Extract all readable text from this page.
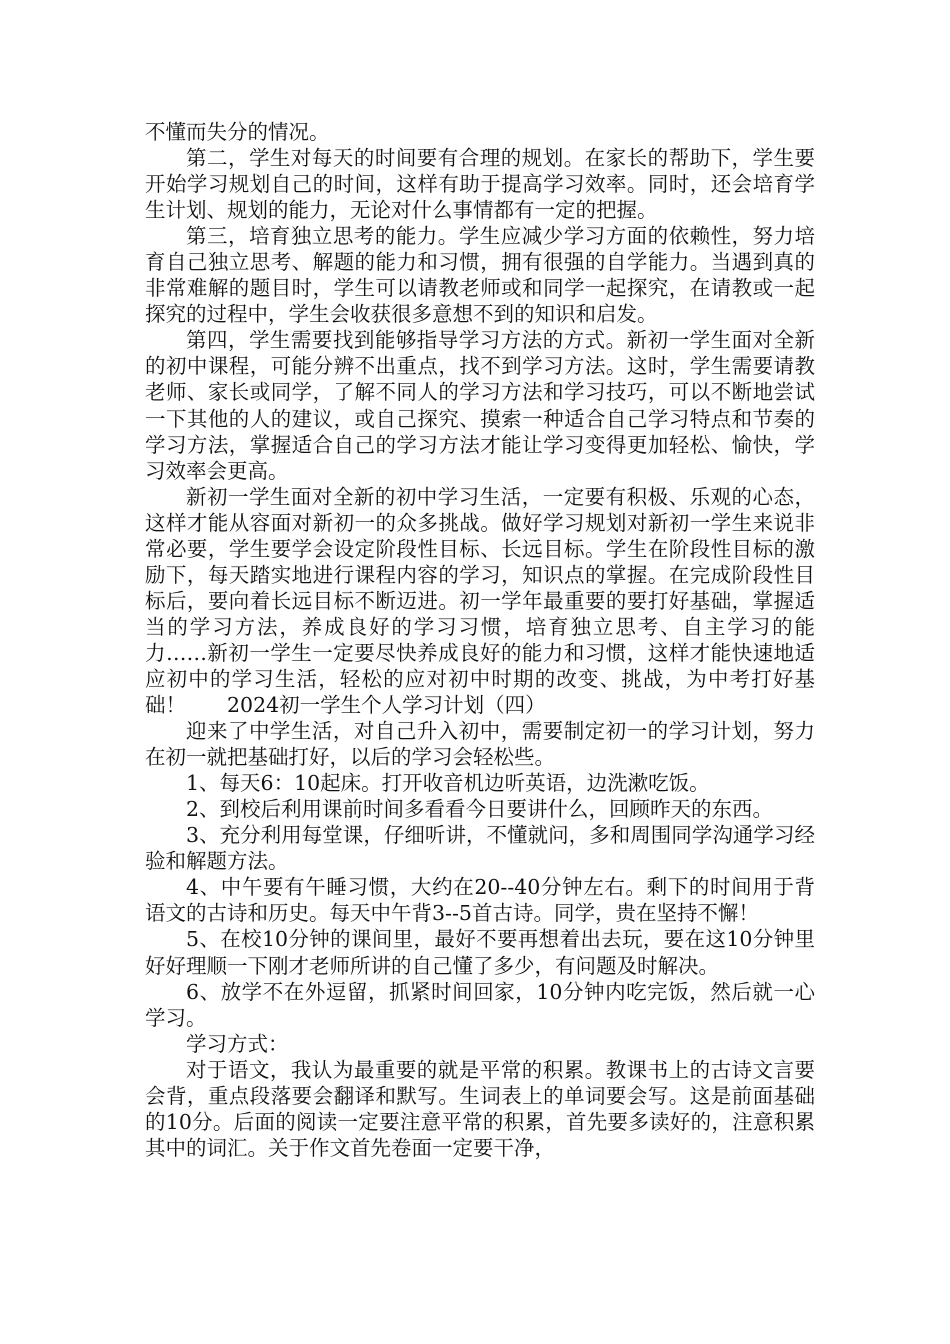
不懂而失分的情况。

第二，学生对每天的时间要有合理的规划。在家长的帮助下，学生要开始学习规划自己的时间，这样有助于提高学习效率。同时，还会培育学生计划、规划的能力，无论对什么事情都有一定的把握。

第三，培育独立思考的能力。学生应减少学习方面的依赖性，努力培育自己独立思考、解题的能力和习惯，拥有很强的自学能力。当遇到真的非常难解的题目时，学生可以请教老师或和同学一起探究，在请教或一起探究的过程中，学生会收获很多意想不到的知识和启发。

第四，学生需要找到能够指导学习方法的方式。新初一学生面对全新的初中课程，可能分辨不出重点，找不到学习方法。这时，学生需要请教老师、家长或同学，了解不同人的学习方法和学习技巧，可以不断地尝试一下其他的人的建议，或自己探究、摸索一种适合自己学习特点和节奏的学习方法，掌握适合自己的学习方法才能让学习变得更加轻松、愉快，学习效率会更高。

新初一学生面对全新的初中学习生活，一定要有积极、乐观的心态，这样才能从容面对新初一的众多挑战。做好学习规划对新初一学生来说非常必要，学生要学会设定阶段性目标、长远目标。学生在阶段性目标的激励下，每天踏实地进行课程内容的学习，知识点的掌握。在完成阶段性目标后，要向着长远目标不断迈进。初一学年最重要的要打好基础，掌握适当的学习方法，养成良好的学习习惯，培育独立思考、自主学习的能力……新初一学生一定要尽快养成良好的能力和习惯，这样才能快速地适应初中的学习生活，轻松的应对初中时期的改变、挑战，为中考打好基础！　　2024初一学生个人学习计划（四）

迎来了中学生活，对自己升入初中，需要制定初一的学习计划，努力在初一就把基础打好，以后的学习会轻松些。

1、每天6：10起床。打开收音机边听英语，边洗漱吃饭。

2、到校后利用课前时间多看看今日要讲什么，回顾昨天的东西。

3、充分利用每堂课，仔细听讲，不懂就问，多和周围同学沟通学习经验和解题方法。

4、中午要有午睡习惯，大约在20--40分钟左右。剩下的时间用于背语文的古诗和历史。每天中午背3--5首古诗。同学，贵在坚持不懈！

5、在校10分钟的课间里，最好不要再想着出去玩，要在这10分钟里好好理顺一下刚才老师所讲的自己懂了多少，有问题及时解决。

6、放学不在外逗留，抓紧时间回家，10分钟内吃完饭，然后就一心学习。

学习方式：

对于语文，我认为最重要的就是平常的积累。教课书上的古诗文言要会背，重点段落要会翻译和默写。生词表上的单词要会写。这是前面基础的10分。后面的阅读一定要注意平常的积累，首先要多读好的，注意积累其中的词汇。关于作文首先卷面一定要干净，
